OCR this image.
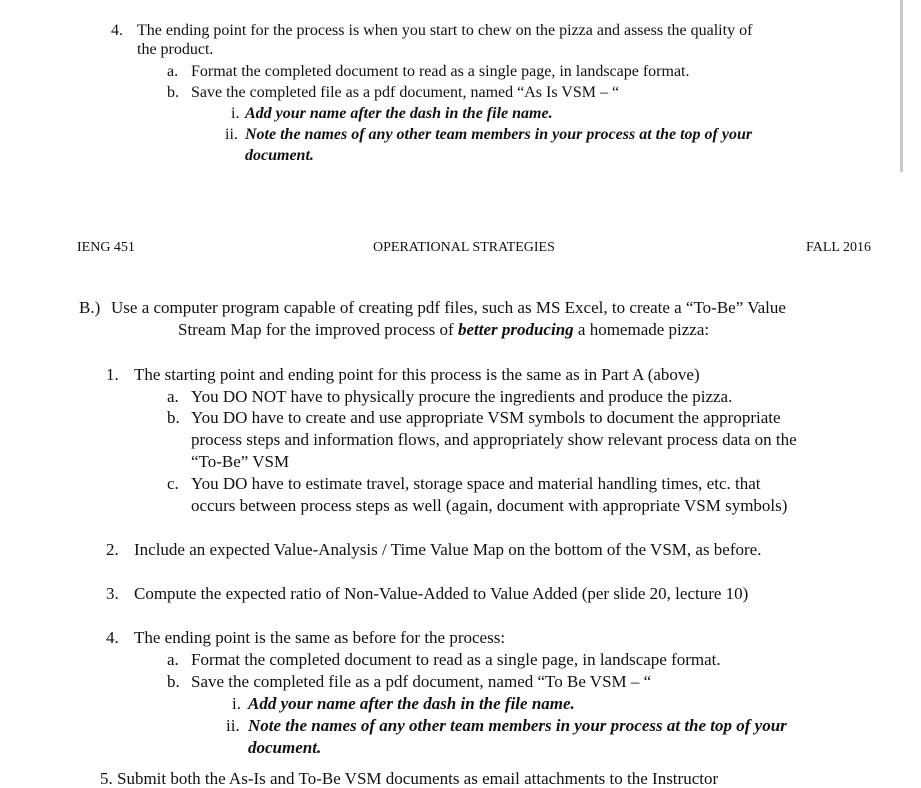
4. The ending point for the process is when you start to chew on the pizza and assess the quality of
the product.
a. Format the completed document to read as a single page, in landscape format.
b. Save the completed file as a pdf document, named “As Is VSM – “
i. Add your name after the dash in the file name.
ii. Note the names of any other team members in your process at the top of your
document.
IENG 451	OPERATIONAL STRATEGIES	FALL 2016
B.) Use a computer program capable of creating pdf files, such as MS Excel, to create a “To-Be” Value
Stream Map for the improved process of better producing a homemade pizza:
1. The starting point and ending point for this process is the same as in Part A (above)
a. You DO NOT have to physically procure the ingredients and produce the pizza.
b. You DO have to create and use appropriate VSM symbols to document the appropriate
process steps and information flows, and appropriately show relevant process data on the
“To-Be” VSM
c. You DO have to estimate travel, storage space and material handling times, etc. that
occurs between process steps as well (again, document with appropriate VSM symbols)
2. Include an expected Value-Analysis / Time Value Map on the bottom of the VSM, as before.
3. Compute the expected ratio of Non-Value-Added to Value Added (per slide 20, lecture 10)
4. The ending point is the same as before for the process:
a. Format the completed document to read as a single page, in landscape format.
b. Save the completed file as a pdf document, named “To Be VSM – “
i. Add your name after the dash in the file name.
ii. Note the names of any other team members in your process at the top of your
document.
5. Submit both the As-Is and To-Be VSM documents as email attachments to the Instructor
